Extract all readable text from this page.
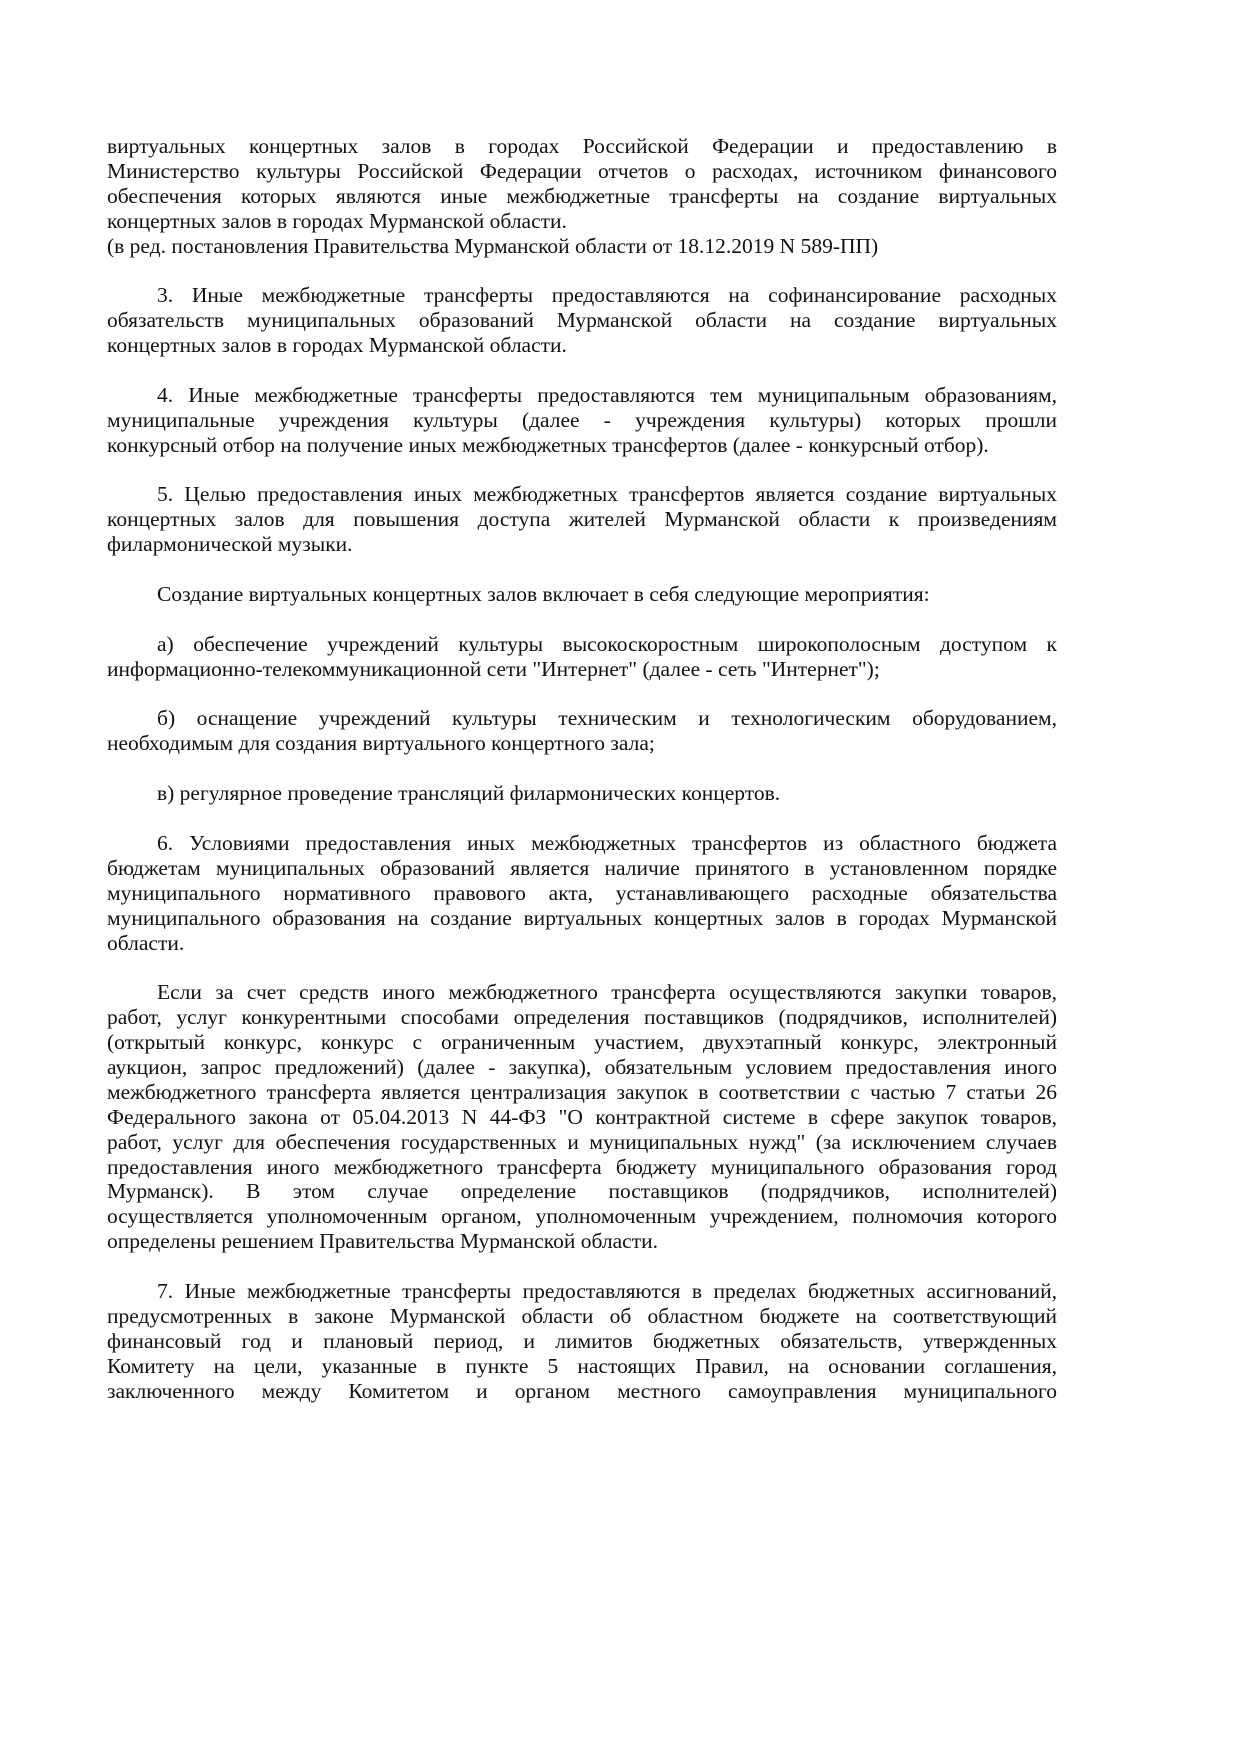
виртуальных концертных залов в городах Российской Федерации и предоставлению в
Министерство культуры Российской Федерации отчетов о расходах, источником финансового
обеспечения которых являются иные межбюджетные трансферты на создание виртуальных
концертных залов в городах Мурманской области.
(в ред. постановления Правительства Мурманской области от 18.12.2019 N 589-ПП)
3. Иные межбюджетные трансферты предоставляются на софинансирование расходных
обязательств муниципальных образований Мурманской области на создание виртуальных
концертных залов в городах Мурманской области.
4. Иные межбюджетные трансферты предоставляются тем муниципальным образованиям,
муниципальные учреждения культуры (далее - учреждения культуры) которых прошли
конкурсный отбор на получение иных межбюджетных трансфертов (далее - конкурсный отбор).
5. Целью предоставления иных межбюджетных трансфертов является создание виртуальных
концертных залов для повышения доступа жителей Мурманской области к произведениям
филармонической музыки.
Создание виртуальных концертных залов включает в себя следующие мероприятия:
а) обеспечение учреждений культуры высокоскоростным широкополосным доступом к
информационно-телекоммуникационной сети "Интернет" (далее - сеть "Интернет");
б) оснащение учреждений культуры техническим и технологическим оборудованием,
необходимым для создания виртуального концертного зала;
в) регулярное проведение трансляций филармонических концертов.
6. Условиями предоставления иных межбюджетных трансфертов из областного бюджета
бюджетам муниципальных образований является наличие принятого в установленном порядке
муниципального нормативного правового акта, устанавливающего расходные обязательства
муниципального образования на создание виртуальных концертных залов в городах Мурманской
области.
Если за счет средств иного межбюджетного трансферта осуществляются закупки товаров,
работ, услуг конкурентными способами определения поставщиков (подрядчиков, исполнителей)
(открытый конкурс, конкурс с ограниченным участием, двухэтапный конкурс, электронный
аукцион, запрос предложений) (далее - закупка), обязательным условием предоставления иного
межбюджетного трансферта является централизация закупок в соответствии с частью 7 статьи 26
Федерального закона от 05.04.2013 N 44-ФЗ "О контрактной системе в сфере закупок товаров,
работ, услуг для обеспечения государственных и муниципальных нужд" (за исключением случаев
предоставления иного межбюджетного трансферта бюджету муниципального образования город
Мурманск). В этом случае определение поставщиков (подрядчиков, исполнителей)
осуществляется уполномоченным органом, уполномоченным учреждением, полномочия которого
определены решением Правительства Мурманской области.
7. Иные межбюджетные трансферты предоставляются в пределах бюджетных ассигнований,
предусмотренных в законе Мурманской области об областном бюджете на соответствующий
финансовый год и плановый период, и лимитов бюджетных обязательств, утвержденных
Комитету на цели, указанные в пункте 5 настоящих Правил, на основании соглашения,
заключенного между Комитетом и органом местного самоуправления муниципального
